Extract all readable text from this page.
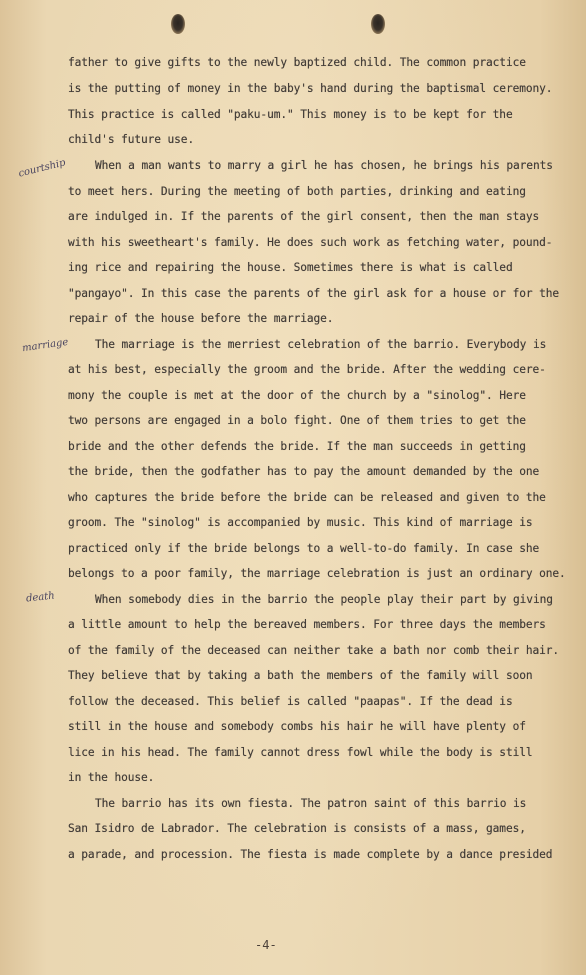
courtship
marriage
death
father to give gifts to the newly baptized child. The common practice
is the putting of money in the baby's hand during the baptismal ceremony.
This practice is called "paku-um." This money is to be kept for the
child's future use.
When a man wants to marry a girl he has chosen, he brings his parents
to meet hers. During the meeting of both parties, drinking and eating
are indulged in. If the parents of the girl consent, then the man stays
with his sweetheart's family. He does such work as fetching water, pound-
ing rice and repairing the house. Sometimes there is what is called
"pangayo". In this case the parents of the girl ask for a house or for the
repair of the house before the marriage.
The marriage is the merriest celebration of the barrio. Everybody is
at his best, especially the groom and the bride. After the wedding cere-
mony the couple is met at the door of the church by a "sinolog". Here
two persons are engaged in a bolo fight. One of them tries to get the
bride and the other defends the bride. If the man succeeds in getting
the bride, then the godfather has to pay the amount demanded by the one
who captures the bride before the bride can be released and given to the
groom. The "sinolog" is accompanied by music. This kind of marriage is
practiced only if the bride belongs to a well-to-do family. In case she
belongs to a poor family, the marriage celebration is just an ordinary one.
When somebody dies in the barrio the people play their part by giving
a little amount to help the bereaved members. For three days the members
of the family of the deceased can neither take a bath nor comb their hair.
They believe that by taking a bath the members of the family will soon
follow the deceased. This belief is called "paapas". If the dead is
still in the house and somebody combs his hair he will have plenty of
lice in his head. The family cannot dress fowl while the body is still
in the house.
The barrio has its own fiesta. The patron saint of this barrio is
San Isidro de Labrador. The celebration is consists of a mass, games,
a parade, and procession. The fiesta is made complete by a dance presided
-4-
